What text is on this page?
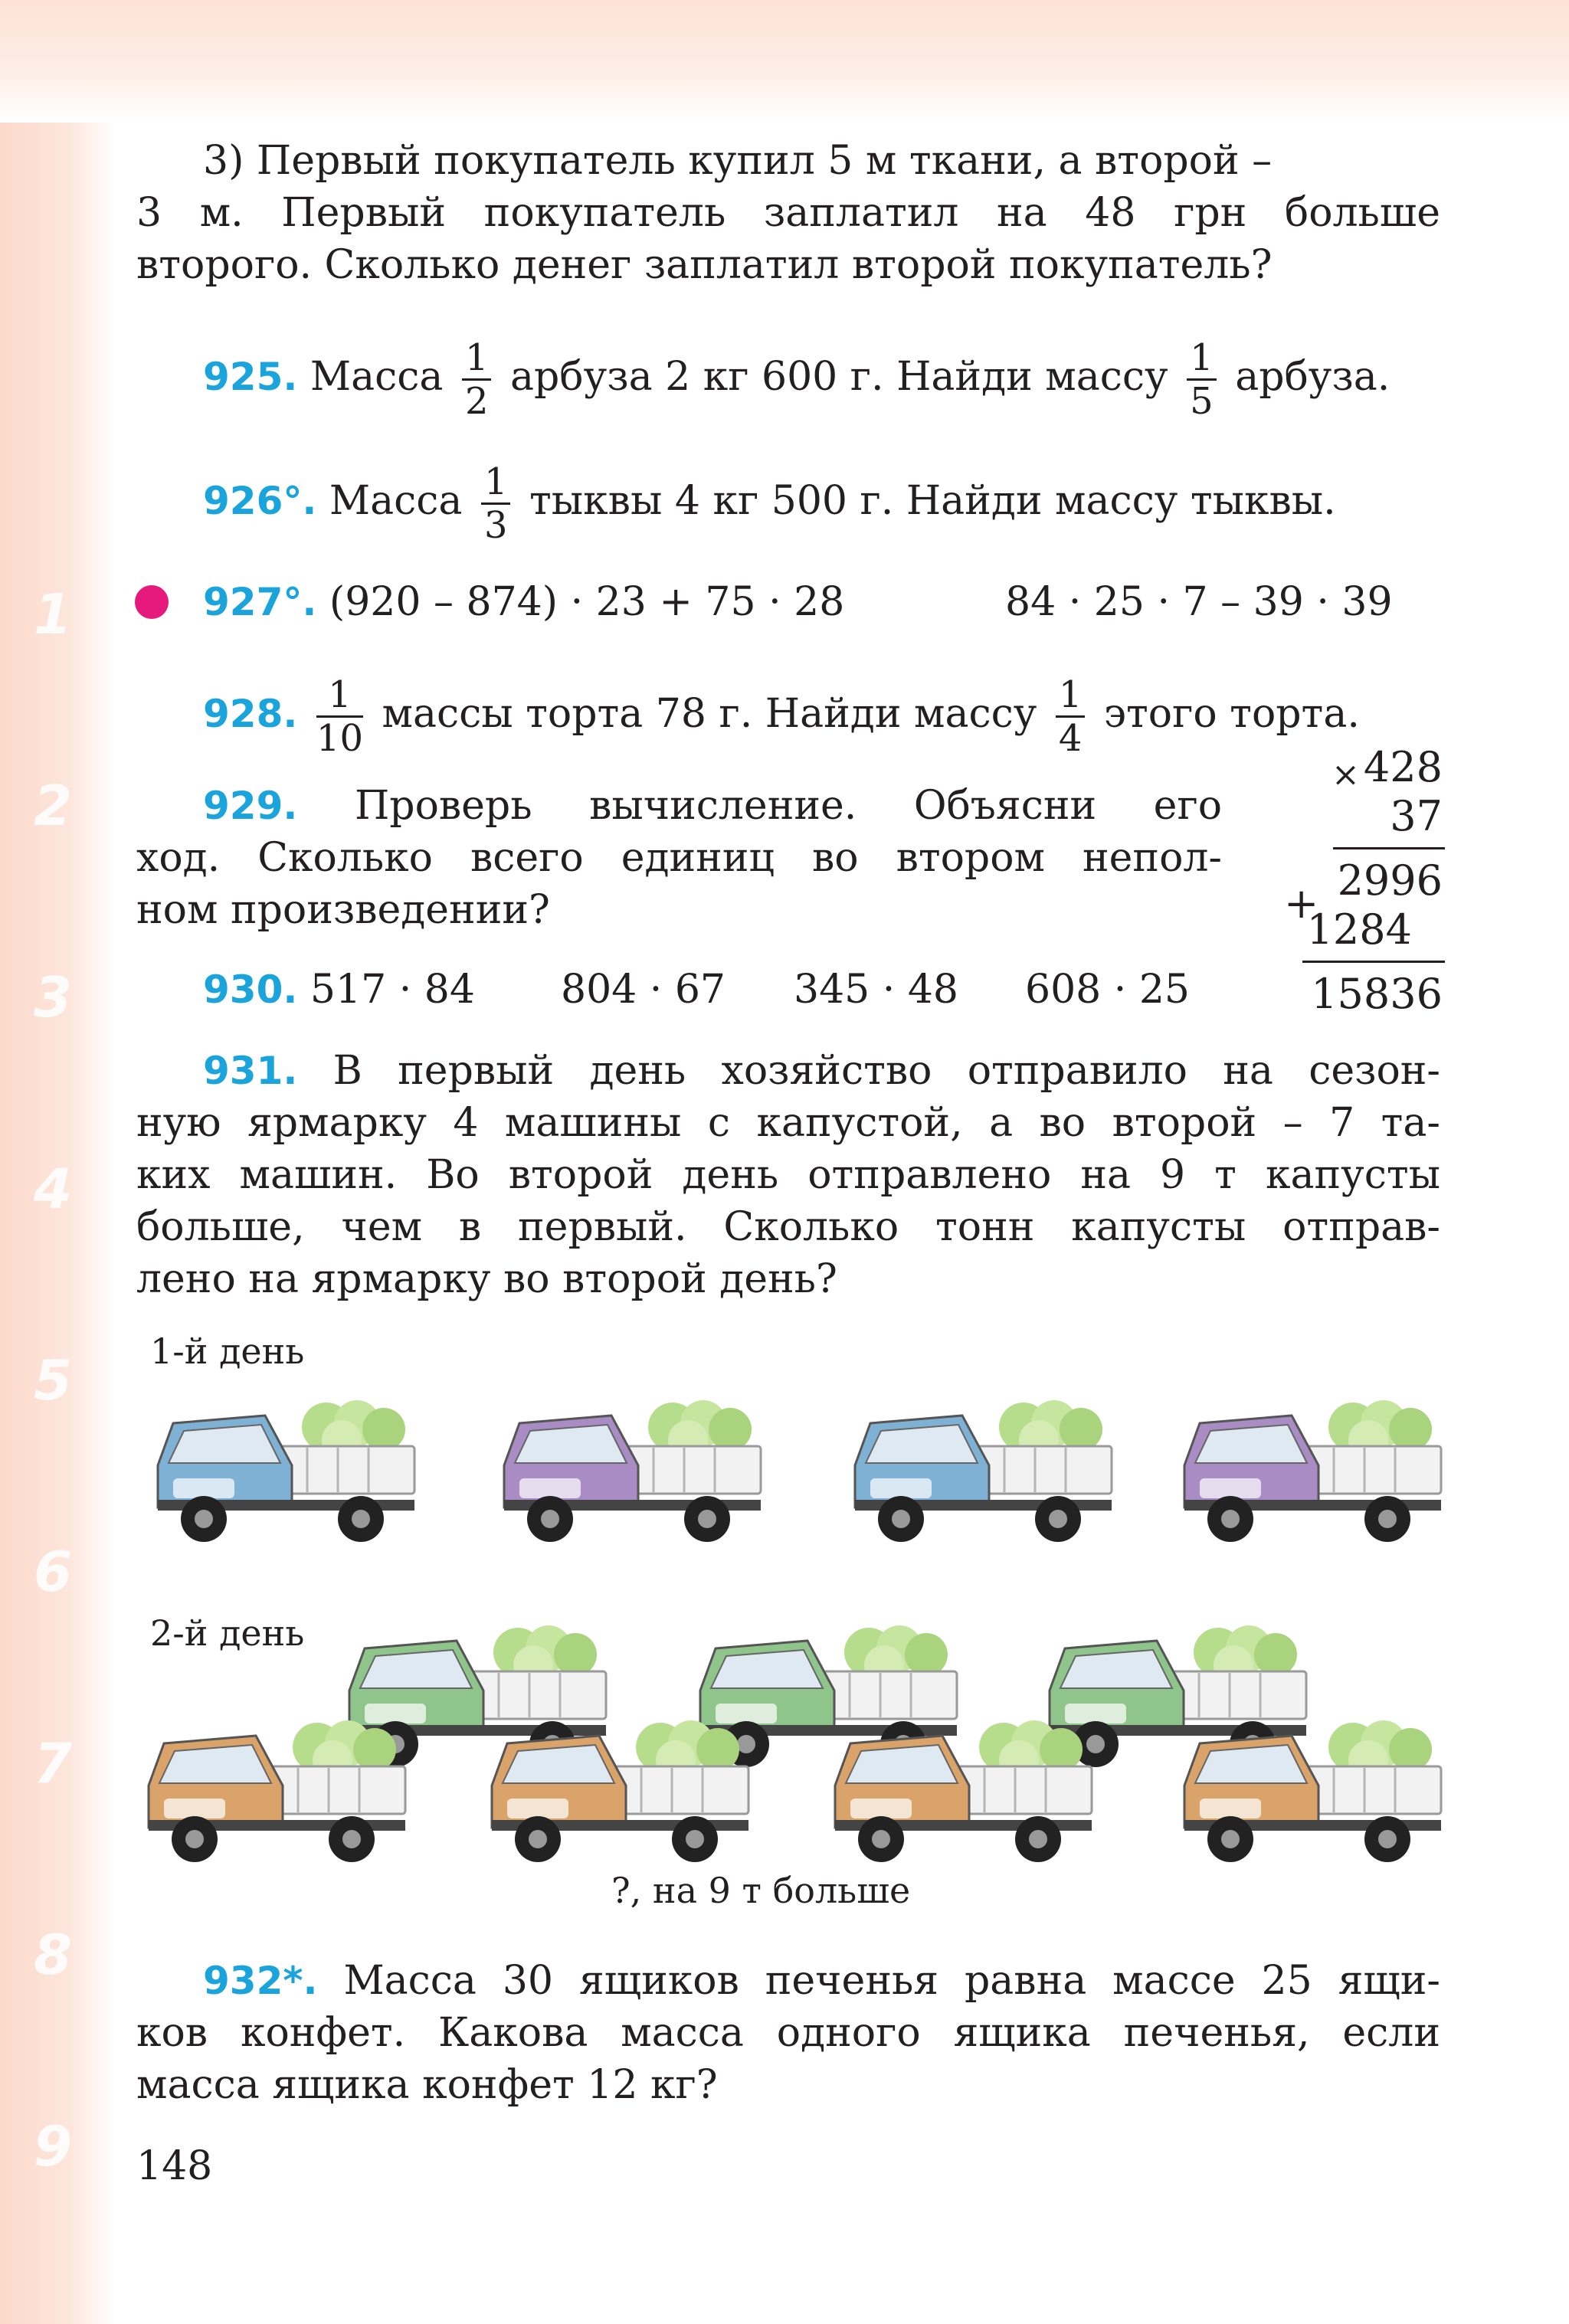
1
2
3
4
5
6
7
8
9
3) Первый покупатель купил 5 м ткани, а второй –
3 м. Первый покупатель заплатил на 48 грн больше
второго. Сколько денег заплатил второй покупатель?
925. Масса $\frac{1}{2}$ арбуза 2 кг 600 г. Найди массу $\frac{1}{5}$ арбуза.
926°. Масса $\frac{1}{3}$ тыквы 4 кг 500 г. Найди массу тыквы.
927°. (920 – 874) · 23 + 75 · 28	84 · 25 · 7 – 39 · 39
928. $\frac{1}{10}$ массы торта 78 г. Найди массу $\frac{1}{4}$ этого торта.
929. Проверь вычисление. Объясни его
ход. Сколько всего единиц во втором непол-
ном произведении?
× 428
37
2996
+
1284
15836
930. 517 · 84 804 · 67 345 · 48 608 · 25
931. В первый день хозяйство отправило на сезон-
ную ярмарку 4 машины с капустой, а во второй – 7 та-
ких машин. Во второй день отправлено на 9 т капусты
больше, чем в первый. Сколько тонн капусты отправ-
лено на ярмарку во второй день?
1-й день
2-й день
?, на 9 т больше
932*. Масса 30 ящиков печенья равна массе 25 ящи-
ков конфет. Какова масса одного ящика печенья, если
масса ящика конфет 12 кг?
148
